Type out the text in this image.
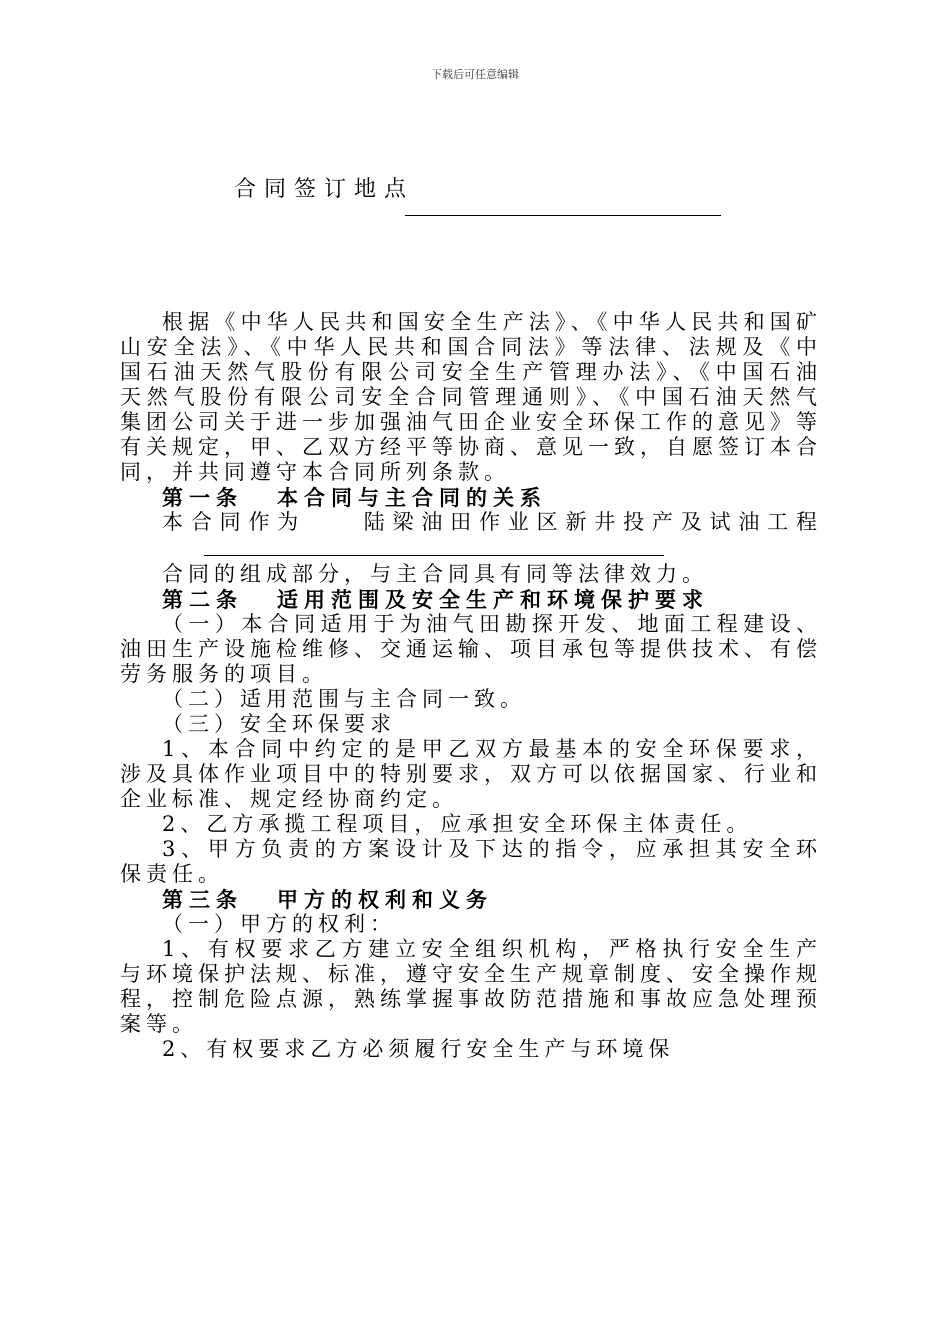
下载后可任意编辑
合同签订地点

根据《中华人民共和国安全生产法》、《中华人民共和国矿山安全法》、《中华人民共和国合同法》等法律、法规及《中国石油天然气股份有限公司安全生产管理办法》、《中国石油天然气股份有限公司安全合同管理通则》、《中国石油天然气集团公司关于进一步加强油气田企业安全环保工作的意见》等有关规定，甲、乙双方经平等协商、意见一致，自愿签订本合同，并共同遵守本合同所列条款。

第一条 本合同与主合同的关系

本合同作为　　陆梁油田作业区新井投产及试油工程

合同的组成部分，与主合同具有同等法律效力。

第二条 适用范围及安全生产和环境保护要求

（一）本合同适用于为油气田勘探开发、地面工程建设、油田生产设施检维修、交通运输、项目承包等提供技术、有偿劳务服务的项目。

（二）适用范围与主合同一致。

（三）安全环保要求

1、本合同中约定的是甲乙双方最基本的安全环保要求，涉及具体作业项目中的特别要求，双方可以依据国家、行业和企业标准、规定经协商约定。

2、乙方承揽工程项目，应承担安全环保主体责任。

3、甲方负责的方案设计及下达的指令，应承担其安全环保责任。

第三条 甲方的权利和义务

（一）甲方的权利：

1、有权要求乙方建立安全组织机构，严格执行安全生产与环境保护法规、标准，遵守安全生产规章制度、安全操作规程，控制危险点源，熟练掌握事故防范措施和事故应急处理预案等。

2、有权要求乙方必须履行安全生产与环境保
